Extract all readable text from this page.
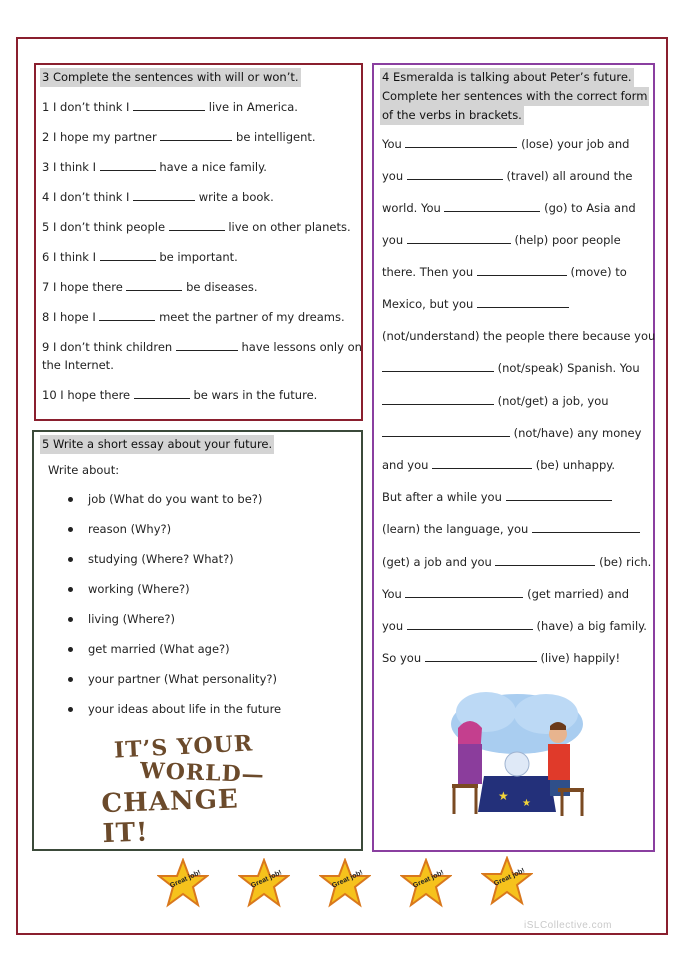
3 Complete the sentences with will or won’t.
1 I don’t think I	live in America.
2 I hope my partner	be intelligent.
3 I think I	have a nice family.
4 I don’t think I	write a book.
5 I don’t think people	live on other planets.
6 I think I	be important.
7 I hope there	be diseases.
8 I hope I	meet the partner of my dreams.
9 I don’t think children	have lessons only on
the Internet.
10 I hope there	be wars in the future.
4 Esmeralda is talking about Peter’s future.
Complete her sentences with the correct form
of the verbs in brackets.
You	(lose) your job and
you	(travel) all around the
world. You	(go) to Asia and
you	(help) poor people
there. Then you	(move) to
Mexico, but you
(not/understand) the people there because you
(not/speak) Spanish. You
(not/get) a job, you
(not/have) any money
and you	(be) unhappy.
But after a while you
(learn) the language, you
(get) a job and you	(be) rich.
You	(get married) and
you	(have) a big family.
So you	(live) happily!
★
★
5 Write a short essay about your future.
Write about:
job (What do you want to be?)
reason (Why?)
studying (Where? What?)
working (Where?)
living (Where?)
get married (What age?)
your partner (What personality?)
your ideas about life in the future
IT’S YOUR
WORLD—
CHANGE IT!
Great job!	Great job!	Great job!	Great job!	Great job!
iSLCollective.com
